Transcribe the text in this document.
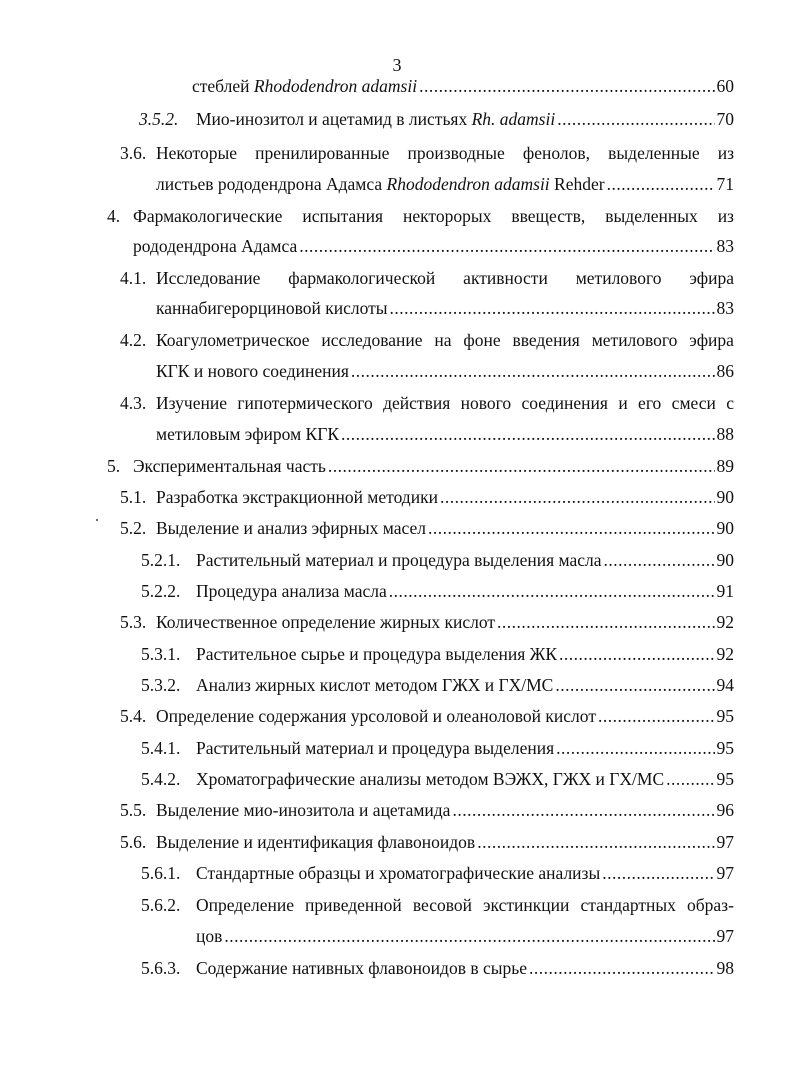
3
стеблей Rhododendron adamsii .....	60
3.5.2. Мио-инозитол и ацетамид в листьях Rh. adamsii .....	70
3.6. Некоторые пренилированные производные фенолов, выделенные из
листьев рододендрона Адамса Rhododendron adamsii Rehder .....	71
4. Фармакологические испытания некторорых ввеществ, выделенных из
рододендрона Адамса .....	83
4.1. Исследование фармакологической активности метилового эфира
каннабигерорциновой кислоты .....	83
4.2. Коагулометрическое исследование на фоне введения метилового эфира
КГК и нового соединения .....	86
4.3. Изучение гипотермического действия нового соединения и его смеси с
метиловым эфиром КГК .....	88
5. Экспериментальная часть .....	89
5.1. Разработка экстракционной методики .....	90
5.2. Выделение и анализ эфирных масел .....	90
5.2.1. Растительный материал и процедура выделения масла .....	90
5.2.2. Процедура анализа масла .....	91
5.3. Количественное определение жирных кислот .....	92
5.3.1. Растительное сырье и процедура выделения ЖК .....	92
5.3.2. Анализ жирных кислот методом ГЖХ и ГХ/МС .....	94
5.4. Определение содержания урсоловой и олеаноловой кислот .....	95
5.4.1. Растительный материал и процедура выделения .....	95
5.4.2. Хроматографические анализы методом ВЭЖХ, ГЖХ и ГХ/МС .....	95
5.5. Выделение мио-инозитола и ацетамида .....	96
5.6. Выделение и идентификация флавоноидов .....	97
5.6.1. Стандартные образцы и хроматографические анализы .....	97
5.6.2. Определение приведенной весовой экстинкции стандартных образ-
цов .....	97
5.6.3. Содержание нативных флавоноидов в сырье .....	98
